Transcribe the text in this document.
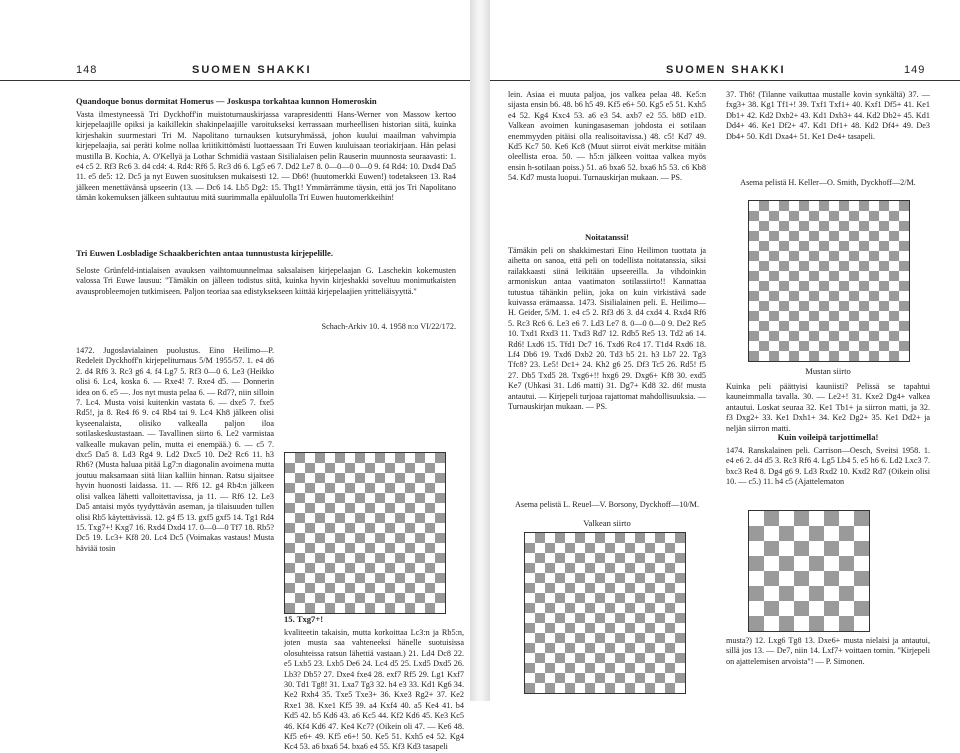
148	SUOMEN SHAKKI
Quandoque bonus dormitat Homerus — Joskuspa torkahtaa kunnon Homeroskin

Vasta ilmestyneessä Tri Dyckhoff'in muistoturnauskirjassa varapresidentti Hans-Werner von Massow kertoo kirjepelaajille opiksi ja kaikillekin shakinpelaajille varoitukseksi kerrassaan murheellisen historian siitä, kuinka kirjeshakin suurmestari Tri M. Napolitano turnauksen kutsuryhmässä, johon kuului maailman vahvimpia kirjepelaajia, sai peräti kolme nollaa kriitikittömästi luottaessaan Tri Euwen kuuluisaan teoriakirjaan. Hän pelasi mustilla B. Kochia, A. O'Kellyä ja Lothar Schmidiä vastaan Sisilialaisen pelin Rauserin muunnosta seuraavasti: 1. e4 c5 2. Rf3 Rc6 3. d4 cd4: 4. Rd4: Rf6 5. Rc3 d6 6. Lg5 e6 7. Dd2 Le7 8. 0—0—0 0—0 9. f4 Rd4: 10. Dxd4 Da5 11. e5 de5: 12. Dc5 ja nyt Euwen suosituksen mukaisesti 12. — Db6! (huutomerkki Euwen!) todetakseen 13. Ra4 jälkeen menettävänsä upseerin (13. — Dc6 14. Lb5 Dg2: 15. Thg1! Ymmärrämme täysin, että jos Tri Napolitano tämän kokemuksen jälkeen suhtautuu mitä suurimmalla epäluulolla Tri Euwen huutomerkkeihin!

Tri Euwen Losbladige Schaakberichten antaa tunnustusta kirjepelille.

Seloste Grünfeld-intialaisen avauksen vaihtomuunnelmaa saksalaisen kirjepelaajan G. Laschekin kokemusten valossa Tri Euwe lausuu: "Tämäkin on jälleen todistus siitä, kuinka hyvin kirjeshakki soveltuu monimutkaisten avausprobleemojen tutkimiseen. Paljon teoriaa saa edistyksekseen kiittää kirjepelaajien yritteliäisyyttä."

Schach-Arkiv 10. 4. 1958 n:o VI/22/172.

1472. Jugoslavialainen puolustus. Eino Heilimo—P. Redeleit Dyckhoff'n kirjepeliturnaus 5/M 1955/57. 1. e4 d6 2. d4 Rf6 3. Rc3 g6 4. f4 Lg7 5. Rf3 0—0 6. Le3 (Heikko olisi 6. Lc4, koska 6. — Rxe4! 7. Rxe4 d5. — Donnerin idea on 6. e5 —. Jos nyt musta pelaa 6. — Rd7?, niin silloin 7. Lc4. Musta voisi kuitenkin vastata 6. — dxe5 7. fxe5 Rd5!, ja 8. Re4 f6 9. c4 Rb4 tai 9. Lc4 Kh8 jälkeen olisi kyseenalaista, olisiko valkealla paljon iloa sotilaskeskustastaan. — Tavallinen siirto 6. Le2 varmistaa valkealle mukavan pelin, mutta ei enempää.) 6. — c5 7. dxc5 Da5 8. Ld3 Rg4 9. Ld2 Dxc5 10. De2 Rc6 11. h3 Rh6? (Musta haluaa pitää Lg7:n diagonalin avoimena mutta joutuu maksamaan siitä liian kalliin hinnan. Ratsu sijaitsee hyvin huonosti laidassa. 11. — Rf6 12. g4 Rb4:n jälkeen olisi valkea lähetti valloitettavissa, ja 11. — Rf6 12. Le3 Da5 antaisi myös tyydyttävän aseman, ja tilaisuuden tullen olisi Rb5 käytettävissä. 12. g4 f5 13. gxf5 gxf5 14. Tg1 Rd4 15. Txg7+! Kxg7 16. Rxd4 Dxd4 17. 0—0—0 Tf7 18. Rb5? Dc5 19. Lc3+ Kf8 20. Lc4 Dc5 (Voimakas vastaus! Musta häviää tosin

15. Txg7+!

kvaliteetin takaisin, mutta korkoittaa Lc3:n ja Rb5:n, joten musta saa vahteneeksi hänelle suotuisissa olosuhteissa ratsun lähettiä vastaan.) 21. Ld4 Dc8 22. e5 Lxb5 23. Lxb5 De6 24. Lc4 d5 25. Lxd5 Dxd5 26. Lb3? Db5? 27. Dxe4 fxe4 28. exf7 Rf5 29. Lg1 Kxf7 30. Td1 Tg8! 31. Lxa7 Tg3 32. h4 e3 33. Kd1 Kg6 34. Ke2 Rxh4 35. Txe5 Txe3+ 36. Kxe3 Rg2+ 37. Ke2 Rxe1 38. Kxe1 Kf5 39. a4 Kxf4 40. a5 Ke4 41. b4 Kd5 42. b5 Kd6 43. a6 Kc5 44. Kf2 Kd6 45. Ke3 Kc5 46. Kf4 Kd6 47. Ke4 Kc7? (Oikein oli 47. — Ke6 48. Kf5 e6+ 49. Kf5 e6+! 50. Ke5 51. Kxh5 e4 52. Kg4 Kc4 53. a6 bxa6 54. bxa6 e4 55. Kf3 Kd3 tasapeli

SUOMEN SHAKKI	149

lein. Asiaa ei muuta paljoa, jos valkea pelaa 48. Ke5:n sijasta ensin b6. 48. b6 h5 49. Kf5 e6+ 50. Kg5 e5 51. Kxh5 e4 52. Kg4 Kxc4 53. a6 e3 54. axb7 e2 55. b8D e1D. Valkean avoimen kuningasaseman johdosta ei sotilaan enemmyyden pitäisi olla realisoitavissa.) 48. c5! Kd7 49. Kd5 Kc7 50. Ke6 Kc8 (Muut siirrot eivät merkitse mitään oleellista eroa. 50. — h5:n jälkeen voittaa valkea myös ensin h-sotilaan poiss.) 51. a6 bxa6 52. bxa6 h5 53. c6 Kb8 54. Kd7 musta luopui. Turnauskirjan mukaan. — PS.

Noitatanssi!

Tämäkin peli on shakkimestari Eino Heilimon tuottata ja aihetta on sanoa, että peli on todellista noitatanssia, siksi railakkaasti siinä leikitään upseereilla. Ja vihdoinkin armoniskun antaa vaatimaton sotilassiirto!! Kannattaa tutustua tähänkin peliin, joka on kuin virkistävä sade kuivassa erämaassa. 1473. Sisilialainen peli. E. Heilimo—H. Geider, 5/M. 1. e4 c5 2. Rf3 d6 3. d4 cxd4 4. Rxd4 Rf6 5. Rc3 Rc6 6. Le3 e6 7. Ld3 Le7 8. 0—0 0—0 9. De2 Re5 10. Txd1 Rxd3 11. Txd3 Rd7 12. Rdb5 Re5 13. Td2 a6 14. Rd6! Lxd6 15. Tfd1 Dc7 16. Txd6 Rc4 17. T1d4 Rxd6 18. Lf4 Db6 19. Txd6 Dxb2 20. Td3 b5 21. h3 Lb7 22. Tg3 Tfc8? 23. Le5! Dc1+ 24. Kh2 g6 25. Df3 Tc5 26. Rd5! f5 27. Db5 Txd5 28. Txg6+!! hxg6 29. Dxg6+ Kf8 30. exd5 Ke7 (Uhkasi 31. Ld6 matti) 31. Dg7+ Kd8 32. d6! musta antautui. — Kirjepeli turjoaa rajattomat mahdollisuuksia. — Turnauskirjan mukaan. — PS.

Asema pelistä L. Reuel—V. Borsony, Dyckhoff—10/M.
Valkean siirto

37. Th6! (Tilanne vaikuttaa mustalle kovin synkältä) 37. — fxg3+ 38. Kg1 Tf1+! 39. Txf1 Txf1+ 40. Kxf1 Df5+ 41. Ke1 Db1+ 42. Kd2 Dxb2+ 43. Kd1 Dxb3+ 44. Kd2 Db2+ 45. Kd1 Dd4+ 46. Ke1 Df2+ 47. Kd1 Df1+ 48. Kd2 Df4+ 49. De3 Db4+ 50. Kd1 Dxa4+ 51. Ke1 De4+ tasapeli.

Asema pelistä H. Keller—O. Smith, Dyckhoff—2/M.
Mustan siirto

Kuinka peli päättyisi kauniisti? Pelissä se tapahtui kauneimmalla tavalla. 30. — Le2+! 31. Kxe2 Dg4+ valkea antautui. Loskat seuraa 32. Ke1 Tb1+ ja siirron matti, ja 32. f3 Dxg2+ 33. Ke1 Dxh1+ 34. Ke2 Dg2+ 35. Ke1 Dd2+ ja neljän siirron matti.

Kuin voileipä tarjottimella!

1474. Ranskalainen peli. Carrison—Oesch, Sveitsi 1958. 1. e4 e6 2. d4 d5 3. Rc3 Rf6 4. Lg5 Lb4 5. e5 h6 6. Ld2 Lxc3 7. bxc3 Re4 8. Dg4 g6 9. Ld3 Rxd2 10. Kxd2 Rd7 (Oikein olisi 10. — c5.) 11. h4 c5 (Ajattelematon

musta?) 12. Lxg6 Tg8 13. Dxe6+ musta nielaisi ja antautui, sillä jos 13. — De7, niin 14. Lxf7+ voittaen tornin. "Kirjepeli on ajattelemisen arvoista"! — P. Simonen.
